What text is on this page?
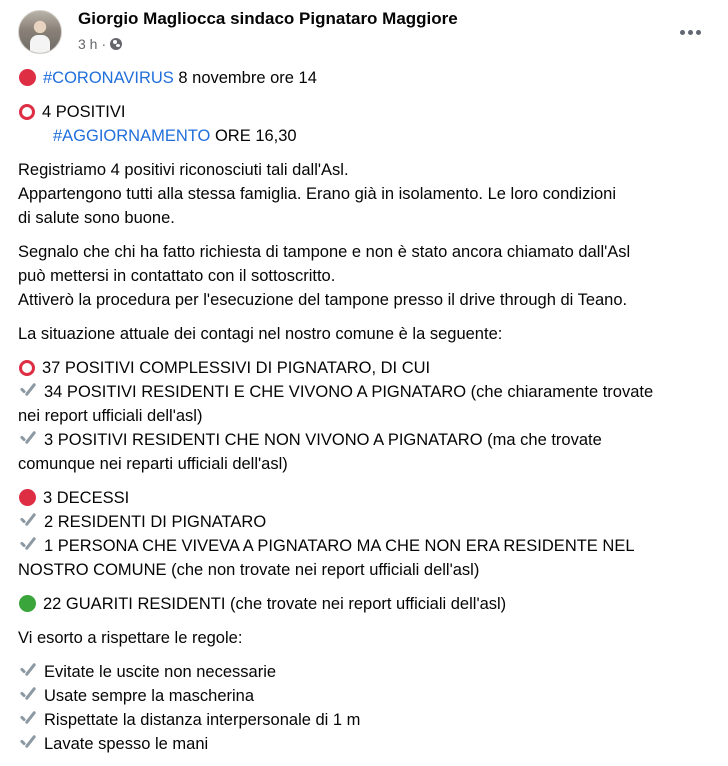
Giorgio Magliocca sindaco Pignataro Maggiore
3 h ·
#CORONAVIRUS 8 novembre ore 14
4 POSITIVI
#AGGIORNAMENTO ORE 16,30
Registriamo 4 positivi riconosciuti tali dall'Asl.
Appartengono tutti alla stessa famiglia. Erano già in isolamento. Le loro condizioni
di salute sono buone.
Segnalo che chi ha fatto richiesta di tampone e non è stato ancora chiamato dall'Asl
può mettersi in contattato con il sottoscritto.
Attiverò la procedura per l'esecuzione del tampone presso il drive through di Teano.
La situazione attuale dei contagi nel nostro comune è la seguente:
37 POSITIVI COMPLESSIVI DI PIGNATARO, DI CUI
34 POSITIVI RESIDENTI E CHE VIVONO A PIGNATARO (che chiaramente trovate
nei report ufficiali dell'asl)
3 POSITIVI RESIDENTI CHE NON VIVONO A PIGNATARO (ma che trovate
comunque nei reparti ufficiali dell'asl)
3 DECESSI
2 RESIDENTI DI PIGNATARO
1 PERSONA CHE VIVEVA A PIGNATARO MA CHE NON ERA RESIDENTE NEL
NOSTRO COMUNE (che non trovate nei report ufficiali dell'asl)
22 GUARITI RESIDENTI (che trovate nei report ufficiali dell'asl)
Vi esorto a rispettare le regole:
Evitate le uscite non necessarie
Usate sempre la mascherina
Rispettate la distanza interpersonale di 1 m
Lavate spesso le mani
